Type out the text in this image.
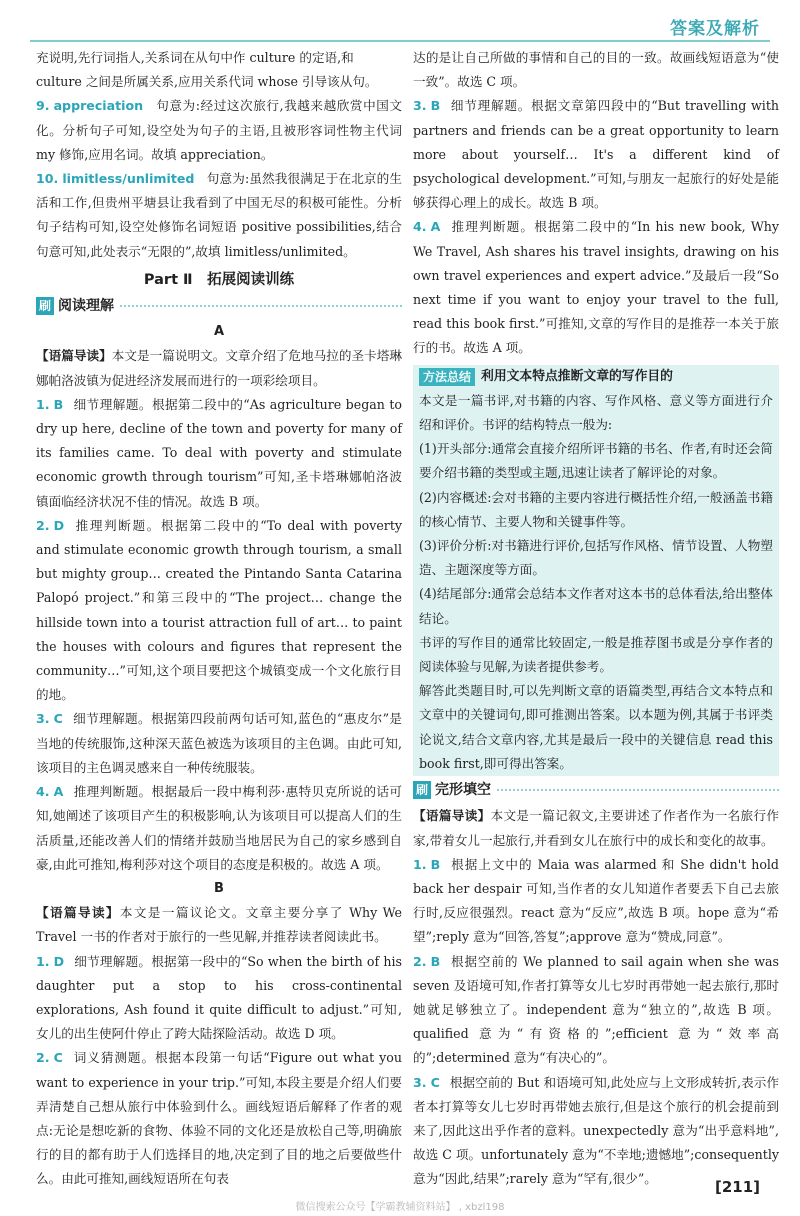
答案及解析

充说明,先行词指人,关系词在从句中作 culture 的定语,和

culture 之间是所属关系,应用关系代词 whose 引导该从句。

9. appreciation 句意为:经过这次旅行,我越来越欣赏中国文化。分析句子可知,设空处为句子的主语,且被形容词性物主代词 my 修饰,应用名词。故填 appreciation。
10. limitless/unlimited 句意为:虽然我很满足于在北京的生活和工作,但贵州平塘县让我看到了中国无尽的积极可能性。分析句子结构可知,设空处修饰名词短语 positive possibilities,结合句意可知,此处表示“无限的”,故填 limitless/unlimited。
Part Ⅱ　拓展阅读训练
刷 阅读理解
A

【语篇导读】本文是一篇说明文。文章介绍了危地马拉的圣卡塔琳娜帕洛波镇为促进经济发展而进行的一项彩绘项目。

1. B 细节理解题。根据第二段中的“As agriculture began to dry up here, decline of the town and poverty for many of its families came. To deal with poverty and stimulate economic growth through tourism”可知,圣卡塔琳娜帕洛波镇面临经济状况不佳的情况。故选 B 项。
2. D 推理判断题。根据第二段中的“To deal with poverty and stimulate economic growth through tourism, a small but mighty group… created the Pintando Santa Catarina Palopó project.”和第三段中的“The project… change the hillside town into a tourist attraction full of art… to paint the houses with colours and figures that represent the community…”可知,这个项目要把这个城镇变成一个文化旅行目的地。
3. C 细节理解题。根据第四段前两句话可知,蓝色的“惠皮尔”是当地的传统服饰,这种深天蓝色被选为该项目的主色调。由此可知,该项目的主色调灵感来自一种传统服装。
4. A 推理判断题。根据最后一段中梅利莎·惠特贝克所说的话可知,她阐述了该项目产生的积极影响,认为该项目可以提高人们的生活质量,还能改善人们的情绪并鼓励当地居民为自己的家乡感到自豪,由此可推知,梅利莎对这个项目的态度是积极的。故选 A 项。
B

【语篇导读】本文是一篇议论文。文章主要分享了 Why We Travel 一书的作者对于旅行的一些见解,并推荐读者阅读此书。

1. D 细节理解题。根据第一段中的“So when the birth of his daughter put a stop to his cross-continental explorations, Ash found it quite difficult to adjust.”可知,女儿的出生使阿什停止了跨大陆探险活动。故选 D 项。
2. C 词义猜测题。根据本段第一句话“Figure out what you want to experience in your trip.”可知,本段主要是介绍人们要弄清楚自己想从旅行中体验到什么。画线短语后解释了作者的观点:无论是想吃新的食物、体验不同的文化还是放松自己等,明确旅行的目的都有助于人们选择目的地,决定到了目的地之后要做些什么。由此可推知,画线短语所在句表

达的是让自己所做的事情和自己的目的一致。故画线短语意为“使一致”。故选 C 项。

3. B 细节理解题。根据文章第四段中的“But travelling with partners and friends can be a great opportunity to learn more about yourself… It's a different kind of psychological development.”可知,与朋友一起旅行的好处是能够获得心理上的成长。故选 B 项。
4. A 推理判断题。根据第二段中的“In his new book, Why We Travel, Ash shares his travel insights, drawing on his own travel experiences and expert advice.”及最后一段“So next time if you want to enjoy your travel to the full, read this book first.”可推知,文章的写作目的是推荐一本关于旅行的书。故选 A 项。
方法总结 利用文本特点推断文章的写作目的

本文是一篇书评,对书籍的内容、写作风格、意义等方面进行介绍和评价。书评的结构特点一般为:

(1)开头部分:通常会直接介绍所评书籍的书名、作者,有时还会简要介绍书籍的类型或主题,迅速让读者了解评论的对象。

(2)内容概述:会对书籍的主要内容进行概括性介绍,一般涵盖书籍的核心情节、主要人物和关键事件等。

(3)评价分析:对书籍进行评价,包括写作风格、情节设置、人物塑造、主题深度等方面。

(4)结尾部分:通常会总结本文作者对这本书的总体看法,给出整体结论。

书评的写作目的通常比较固定,一般是推荐图书或是分享作者的阅读体验与见解,为读者提供参考。

解答此类题目时,可以先判断文章的语篇类型,再结合文本特点和文章中的关键词句,即可推测出答案。以本题为例,其属于书评类论说文,结合文章内容,尤其是最后一段中的关键信息 read this book first,即可得出答案。

刷 完形填空

【语篇导读】本文是一篇记叙文,主要讲述了作者作为一名旅行作家,带着女儿一起旅行,并看到女儿在旅行中的成长和变化的故事。

1. B 根据上文中的 Maia was alarmed 和 She didn't hold back her despair 可知,当作者的女儿知道作者要丢下自己去旅行时,反应很强烈。react 意为“反应”,故选 B 项。hope 意为“希望”;reply 意为“回答,答复”;approve 意为“赞成,同意”。
2. B 根据空前的 We planned to sail again when she was seven 及语境可知,作者打算等女儿七岁时再带她一起去旅行,那时她就足够独立了。independent 意为“独立的”,故选 B 项。qualified 意为“有资格的”;efficient 意为“效率高的”;determined 意为“有决心的”。
3. C 根据空前的 But 和语境可知,此处应与上文形成转折,表示作者本打算等女儿七岁时再带她去旅行,但是这个旅行的机会提前到来了,因此这出乎作者的意料。unexpectedly 意为“出乎意料地”,故选 C 项。unfortunately 意为“不幸地;遗憾地”;consequently 意为“因此,结果”;rarely 意为“罕有,很少”。	[211]
微信搜索公众号【学霸教辅资料站】 , xbzl198
